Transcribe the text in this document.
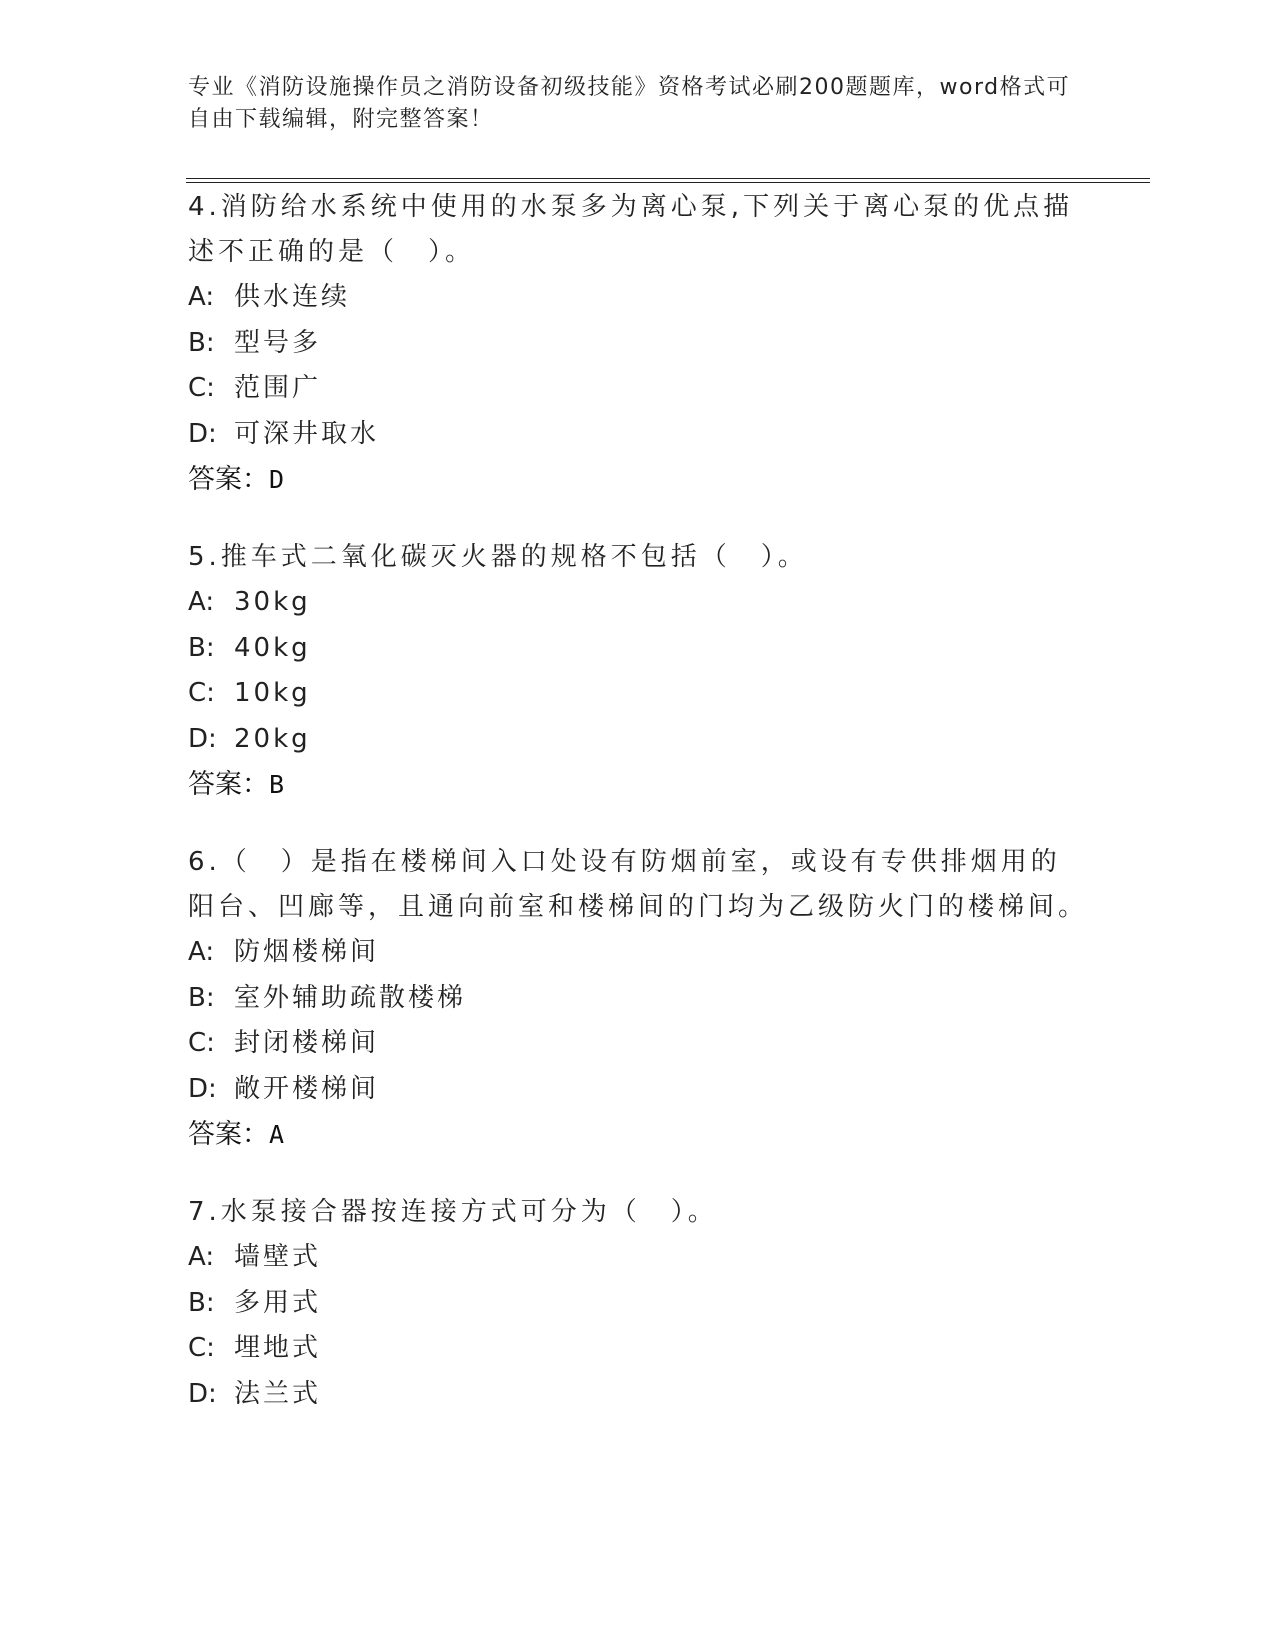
专业《消防设施操作员之消防设备初级技能》资格考试必刷200题题库，word格式可自由下载编辑，附完整答案！
4.消防给水系统中使用的水泵多为离心泵,下列关于离心泵的优点描述不正确的是（　）。
A: 供水连续
B: 型号多
C: 范围广
D: 可深井取水
答案：D
5.推车式二氧化碳灭火器的规格不包括（　）。
A: 30kg
B: 40kg
C: 10kg
D: 20kg
答案：B
6.（　）是指在楼梯间入口处设有防烟前室，或设有专供排烟用的阳台、凹廊等，且通向前室和楼梯间的门均为乙级防火门的楼梯间。
A: 防烟楼梯间
B: 室外辅助疏散楼梯
C: 封闭楼梯间
D: 敞开楼梯间
答案：A
7.水泵接合器按连接方式可分为（　）。
A: 墙壁式
B: 多用式
C: 埋地式
D: 法兰式
